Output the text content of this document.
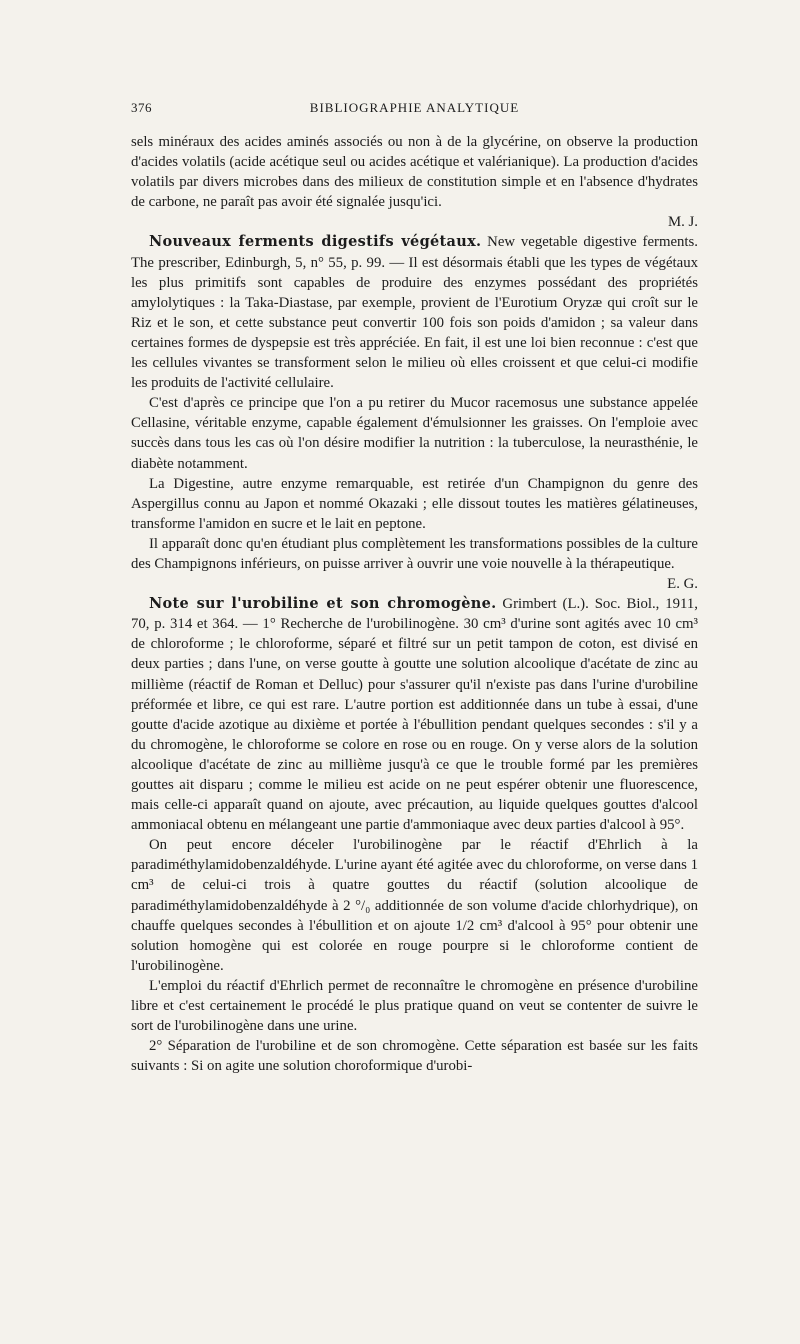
376	BIBLIOGRAPHIE ANALYTIQUE

sels minéraux des acides aminés associés ou non à de la glycérine, on observe la production d'acides volatils (acide acétique seul ou acides acétique et valérianique). La production d'acides volatils par divers microbes dans des milieux de constitution simple et en l'absence d'hydrates de carbone, ne paraît pas avoir été signalée jusqu'ici.
M. J.

Nouveaux ferments digestifs végétaux. New vegetable digestive ferments. The prescriber, Edinburgh, 5, n° 55, p. 99. — Il est désormais établi que les types de végétaux les plus primitifs sont capables de produire des enzymes possédant des propriétés amylolytiques : la Taka-Diastase, par exemple, provient de l'Eurotium Oryzæ qui croît sur le Riz et le son, et cette substance peut convertir 100 fois son poids d'amidon ; sa valeur dans certaines formes de dyspepsie est très appréciée. En fait, il est une loi bien reconnue : c'est que les cellules vivantes se transforment selon le milieu où elles croissent et que celui-ci modifie les produits de l'activité cellulaire.

C'est d'après ce principe que l'on a pu retirer du Mucor racemosus une substance appelée Cellasine, véritable enzyme, capable également d'émulsionner les graisses. On l'emploie avec succès dans tous les cas où l'on désire modifier la nutrition : la tuberculose, la neurasthénie, le diabète notamment.

La Digestine, autre enzyme remarquable, est retirée d'un Champignon du genre des Aspergillus connu au Japon et nommé Okazaki ; elle dissout toutes les matières gélatineuses, transforme l'amidon en sucre et le lait en peptone.

Il apparaît donc qu'en étudiant plus complètement les transformations possibles de la culture des Champignons inférieurs, on puisse arriver à ouvrir une voie nouvelle à la thérapeutique.
E. G.

Note sur l'urobiline et son chromogène. Grimbert (L.). Soc. Biol., 1911, 70, p. 314 et 364. — 1° Recherche de l'urobilinogène. 30 cm³ d'urine sont agités avec 10 cm³ de chloroforme ; le chloroforme, séparé et filtré sur un petit tampon de coton, est divisé en deux parties ; dans l'une, on verse goutte à goutte une solution alcoolique d'acétate de zinc au millième (réactif de Roman et Delluc) pour s'assurer qu'il n'existe pas dans l'urine d'urobiline préformée et libre, ce qui est rare. L'autre portion est additionnée dans un tube à essai, d'une goutte d'acide azotique au dixième et portée à l'ébullition pendant quelques secondes : s'il y a du chromogène, le chloroforme se colore en rose ou en rouge. On y verse alors de la solution alcoolique d'acétate de zinc au millième jusqu'à ce que le trouble formé par les premières gouttes ait disparu ; comme le milieu est acide on ne peut espérer obtenir une fluorescence, mais celle-ci apparaît quand on ajoute, avec précaution, au liquide quelques gouttes d'alcool ammoniacal obtenu en mélangeant une partie d'ammoniaque avec deux parties d'alcool à 95°.

On peut encore déceler l'urobilinogène par le réactif d'Ehrlich à la paradiméthylamidobenzaldéhyde. L'urine ayant été agitée avec du chloroforme, on verse dans 1 cm³ de celui-ci trois à quatre gouttes du réactif (solution alcoolique de paradiméthylamidobenzaldéhyde à 2 °/₀ additionnée de son volume d'acide chlorhydrique), on chauffe quelques secondes à l'ébullition et on ajoute 1/2 cm³ d'alcool à 95° pour obtenir une solution homogène qui est colorée en rouge pourpre si le chloroforme contient de l'urobilinogène.

L'emploi du réactif d'Ehrlich permet de reconnaître le chromogène en présence d'urobiline libre et c'est certainement le procédé le plus pratique quand on veut se contenter de suivre le sort de l'urobilinogène dans une urine.

2° Séparation de l'urobiline et de son chromogène. Cette séparation est basée sur les faits suivants : Si on agite une solution choroformique d'urobi-
